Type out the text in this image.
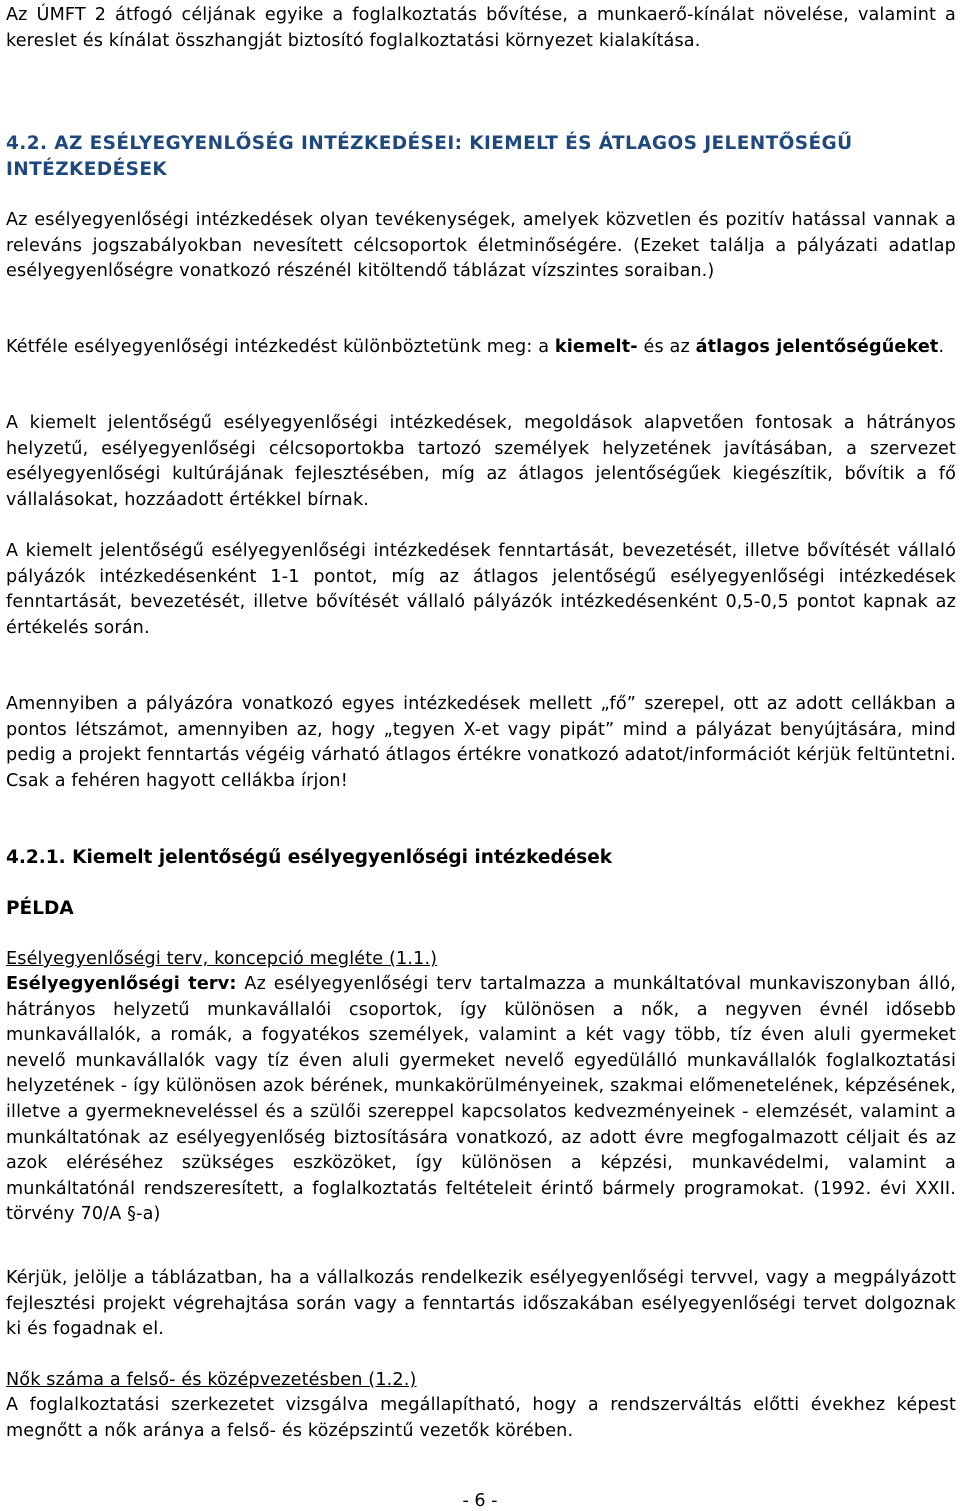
Az ÚMFT 2 átfogó céljának egyike a foglalkoztatás bővítése, a munkaerő-kínálat növelése, valamint a kereslet és kínálat összhangját biztosító foglalkoztatási környezet kialakítása.

4.2. AZ ESÉLYEGYENLŐSÉG INTÉZKEDÉSEI: KIEMELT ÉS ÁTLAGOS JELENTŐSÉGŰ INTÉZKEDÉSEK

Az esélyegyenlőségi intézkedések olyan tevékenységek, amelyek közvetlen és pozitív hatással vannak a releváns jogszabályokban nevesített célcsoportok életminőségére. (Ezeket találja a pályázati adatlap esélyegyenlőségre vonatkozó részénél kitöltendő táblázat vízszintes soraiban.)

Kétféle esélyegyenlőségi intézkedést különböztetünk meg: a kiemelt- és az átlagos jelentőségűeket.

A kiemelt jelentőségű esélyegyenlőségi intézkedések, megoldások alapvetően fontosak a hátrányos helyzetű, esélyegyenlőségi célcsoportokba tartozó személyek helyzetének javításában, a szervezet esélyegyenlőségi kultúrájának fejlesztésében, míg az átlagos jelentőségűek kiegészítik, bővítik a fő vállalásokat, hozzáadott értékkel bírnak.

A kiemelt jelentőségű esélyegyenlőségi intézkedések fenntartását, bevezetését, illetve bővítését vállaló pályázók intézkedésenként 1-1 pontot, míg az átlagos jelentőségű esélyegyenlőségi intézkedések fenntartását, bevezetését, illetve bővítését vállaló pályázók intézkedésenként 0,5-0,5 pontot kapnak az értékelés során.

Amennyiben a pályázóra vonatkozó egyes intézkedések mellett „fő” szerepel, ott az adott cellákban a pontos létszámot, amennyiben az, hogy „tegyen X-et vagy pipát” mind a pályázat benyújtására, mind pedig a projekt fenntartás végéig várható átlagos értékre vonatkozó adatot/információt kérjük feltüntetni. Csak a fehéren hagyott cellákba írjon!

4.2.1. Kiemelt jelentőségű esélyegyenlőségi intézkedések

PÉLDA

Esélyegyenlőségi terv, koncepció megléte (1.1.)

Esélyegyenlőségi terv: Az esélyegyenlőségi terv tartalmazza a munkáltatóval munkaviszonyban álló, hátrányos helyzetű munkavállalói csoportok, így különösen a nők, a negyven évnél idősebb munkavállalók, a romák, a fogyatékos személyek, valamint a két vagy több, tíz éven aluli gyermeket nevelő munkavállalók vagy tíz éven aluli gyermeket nevelő egyedülálló munkavállalók foglalkoztatási helyzetének - így különösen azok bérének, munkakörülményeinek, szakmai előmenetelének, képzésének, illetve a gyermekneveléssel és a szülői szereppel kapcsolatos kedvezményeinek - elemzését, valamint a munkáltatónak az esélyegyenlőség biztosítására vonatkozó, az adott évre megfogalmazott céljait és az azok eléréséhez szükséges eszközöket, így különösen a képzési, munkavédelmi, valamint a munkáltatónál rendszeresített, a foglalkoztatás feltételeit érintő bármely programokat. (1992. évi XXII. törvény 70/A §-a)

Kérjük, jelölje a táblázatban, ha a vállalkozás rendelkezik esélyegyenlőségi tervvel, vagy a megpályázott fejlesztési projekt végrehajtása során vagy a fenntartás időszakában esélyegyenlőségi tervet dolgoznak ki és fogadnak el.

Nők száma a felső- és középvezetésben (1.2.)

A foglalkoztatási szerkezetet vizsgálva megállapítható, hogy a rendszerváltás előtti évekhez képest megnőtt a nők aránya a felső- és középszintű vezetők körében.

- 6 -
